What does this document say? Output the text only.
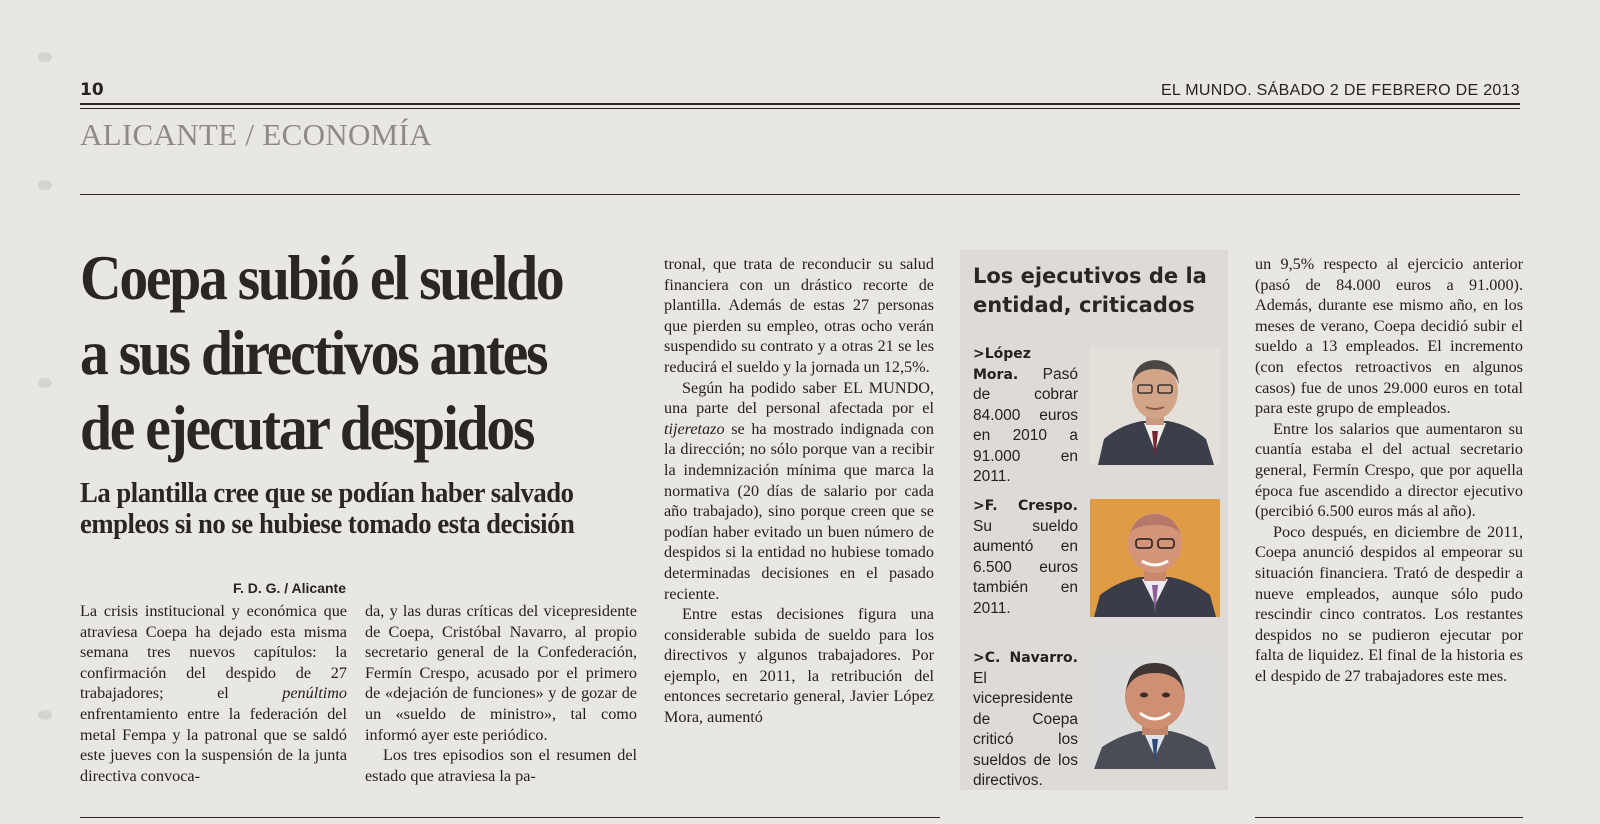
10	EL MUNDO. SÁBADO 2 DE FEBRERO DE 2013
ALICANTE / ECONOMÍA
Coepa subió el sueldo a sus directivos antes de ejecutar despidos
La plantilla cree que se podían haber salvado empleos si no se hubiese tomado esta decisión
F. D. G. / Alicante

La crisis institucional y económica que atraviesa Coepa ha dejado esta misma semana tres nuevos capítulos: la confirmación del despido de 27 trabajadores; el penúltimo enfrentamiento entre la federación del metal Fempa y la patronal que se saldó este jueves con la suspensión de la junta directiva convoca-

da, y las duras críticas del vicepresidente de Coepa, Cristóbal Navarro, al propio secretario general de la Confederación, Fermín Crespo, acusado por el primero de «dejación de funciones» y de gozar de un «sueldo de ministro», tal como informó ayer este periódico.

Los tres episodios son el resumen del estado que atraviesa la pa-

tronal, que trata de reconducir su salud financiera con un drástico recorte de plantilla. Además de estas 27 personas que pierden su empleo, otras ocho verán suspendido su contrato y a otras 21 se les reducirá el sueldo y la jornada un 12,5%.

Según ha podido saber EL MUNDO, una parte del personal afectada por el tijeretazo se ha mostrado indignada con la dirección; no sólo porque van a recibir la indemnización mínima que marca la normativa (20 días de salario por cada año trabajado), sino porque creen que se podían haber evitado un buen número de despidos si la entidad no hubiese tomado determinadas decisiones en el pasado reciente.

Entre estas decisiones figura una considerable subida de sueldo para los directivos y algunos trabajadores. Por ejemplo, en 2011, la retribución del entonces secretario general, Javier López Mora, aumentó

Los ejecutivos de la entidad, criticados

>López Mora. Pasó de cobrar 84.000 euros en 2010 a 91.000 en 2011.

>F. Crespo. Su sueldo aumentó en 6.500 euros también en 2011.

>C. Navarro. El vicepresidente de Coepa criticó los sueldos de los directivos.

un 9,5% respecto al ejercicio anterior (pasó de 84.000 euros a 91.000). Además, durante ese mismo año, en los meses de verano, Coepa decidió subir el sueldo a 13 empleados. El incremento (con efectos retroactivos en algunos casos) fue de unos 29.000 euros en total para este grupo de empleados.

Entre los salarios que aumentaron su cuantía estaba el del actual secretario general, Fermín Crespo, que por aquella época fue ascendido a director ejecutivo (percibió 6.500 euros más al año).

Poco después, en diciembre de 2011, Coepa anunció despidos al empeorar su situación financiera. Trató de despedir a nueve empleados, aunque sólo pudo rescindir cinco contratos. Los restantes despidos no se pudieron ejecutar por falta de liquidez. El final de la historia es el despido de 27 trabajadores este mes.
